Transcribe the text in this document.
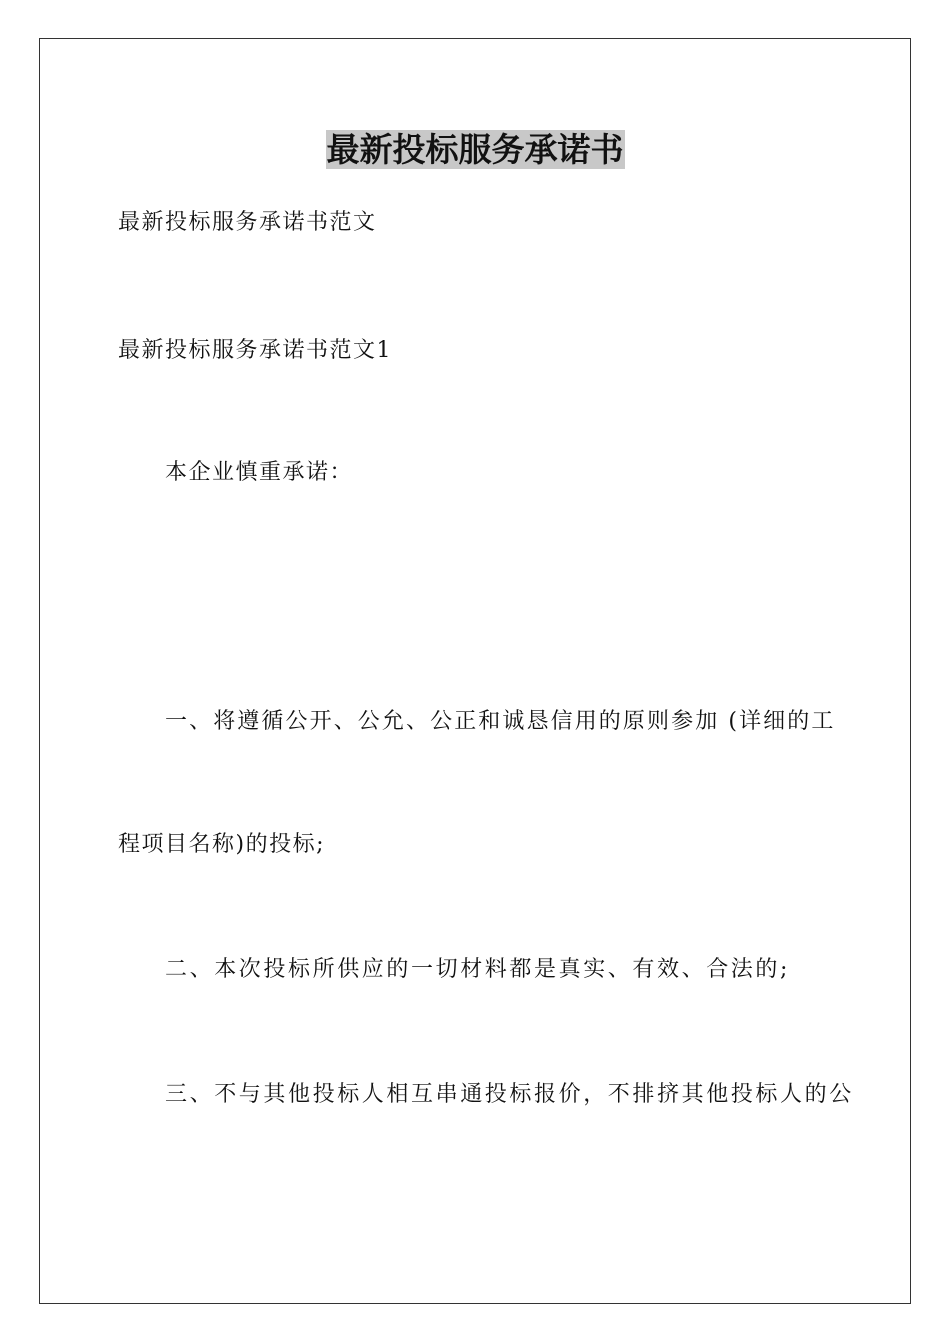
最新投标服务承诺书
最新投标服务承诺书范文
最新投标服务承诺书范文1
本企业慎重承诺：
一、将遵循公开、公允、公正和诚恳信用的原则参加 (详细的工
程项目名称)的投标;
二、本次投标所供应的一切材料都是真实、有效、合法的;
三、不与其他投标人相互串通投标报价，不排挤其他投标人的公
